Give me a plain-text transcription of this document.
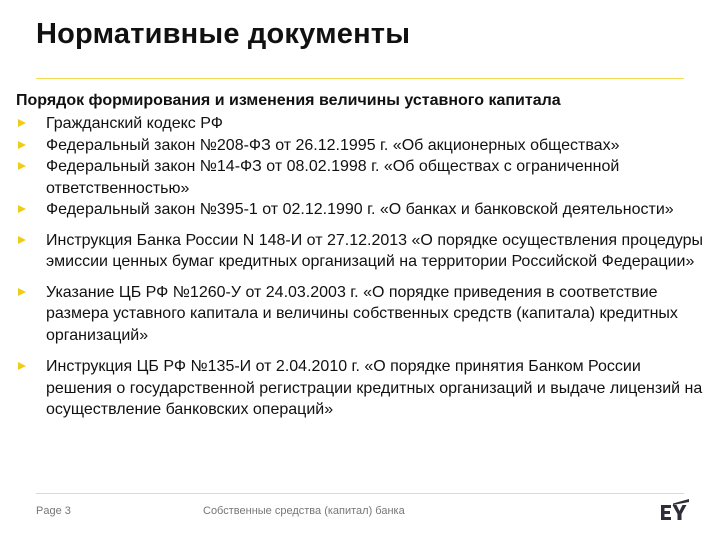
Нормативные документы
Порядок формирования и изменения величины уставного капитала
Гражданский кодекс РФ
Федеральный закон №208-ФЗ от 26.12.1995 г. «Об акционерных обществах»
Федеральный закон №14-ФЗ от 08.02.1998 г. «Об обществах с ограниченной ответственностью»
Федеральный закон №395-1 от 02.12.1990 г. «О банках и банковской деятельности»
Инструкция Банка России N 148-И от 27.12.2013 «О порядке осуществления процедуры эмиссии ценных бумаг кредитных организаций на территории Российской Федерации»
Указание ЦБ РФ №1260-У от 24.03.2003 г. «О порядке приведения в соответствие размера уставного капитала и величины собственных средств (капитала) кредитных организаций»
Инструкция ЦБ РФ №135-И от 2.04.2010 г. «О порядке принятия Банком России решения о государственной регистрации кредитных организаций и выдаче лицензий на осуществление банковских операций»
Page 3	Собственные средства (капитал) банка
